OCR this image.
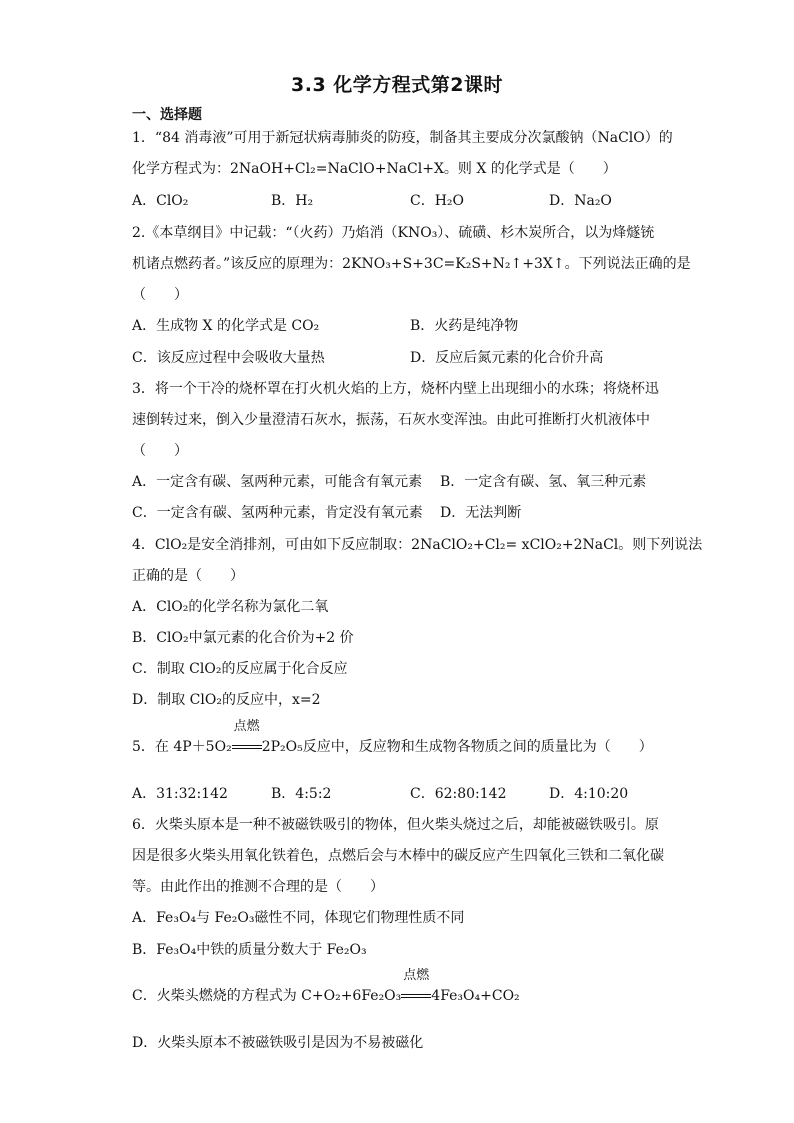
3.3 化学方程式第2课时
一、选择题
1．“84 消毒液”可用于新冠状病毒肺炎的防疫，制备其主要成分次氯酸钠（NaClO）的
化学方程式为：2NaOH+Cl₂=NaClO+NaCl+X。则 X 的化学式是（　　）
A．ClO₂	B．H₂	C．H₂O	D．Na₂O
2.《本草纲目》中记载：“（火药）乃焰消（KNO₃）、硫磺、杉木炭所合，以为烽燧铳
机诸点燃药者。”该反应的原理为：2KNO₃+S+3C=K₂S+N₂↑+3X↑。下列说法正确的是
（　　）
A．生成物 X 的化学式是 CO₂	B．火药是纯净物
C．该反应过程中会吸收大量热	D．反应后氮元素的化合价升高
3．将一个干冷的烧杯罩在打火机火焰的上方，烧杯内壁上出现细小的水珠；将烧杯迅
速倒转过来，倒入少量澄清石灰水，振荡，石灰水变浑浊。由此可推断打火机液体中
（　　）
A．一定含有碳、氢两种元素，可能含有氧元素 B．一定含有碳、氢、氧三种元素
C．一定含有碳、氢两种元素，肯定没有氧元素 D．无法判断
4．ClO₂是安全消排剂，可由如下反应制取：2NaClO₂+Cl₂= xClO₂+2NaCl。则下列说法
正确的是（　　）
A．ClO₂的化学名称为氯化二氧
B．ClO₂中氯元素的化合价为+2 价
C．制取 ClO₂的反应属于化合反应
D．制取 ClO₂的反应中，x=2
5．在 4P＋5O₂
点燃
2P₂O₅反应中，反应物和生成物各物质之间的质量比为（　　）
A．31:32:142	B．4:5:2	C．62:80:142	D．4:10:20
6．火柴头原本是一种不被磁铁吸引的物体，但火柴头烧过之后，却能被磁铁吸引。原
因是很多火柴头用氧化铁着色，点燃后会与木棒中的碳反应产生四氧化三铁和二氧化碳
等。由此作出的推测不合理的是（　　）
A．Fe₃O₄与 Fe₂O₃磁性不同，体现它们物理性质不同
B．Fe₃O₄中铁的质量分数大于 Fe₂O₃
C．火柴头燃烧的方程式为 C+O₂+6Fe₂O₃
点燃
4Fe₃O₄+CO₂
D．火柴头原本不被磁铁吸引是因为不易被磁化
